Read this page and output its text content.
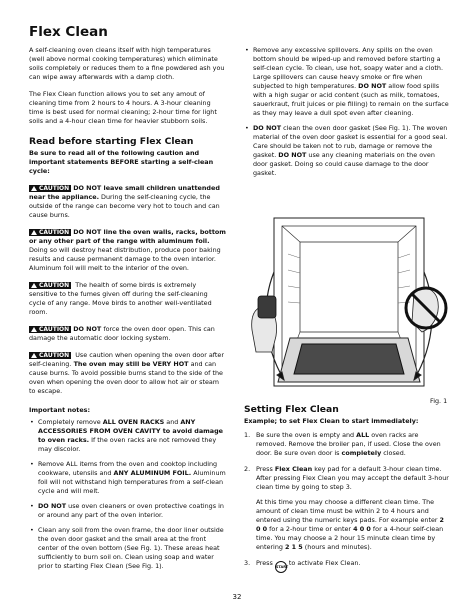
Flex Clean

A self-cleaning oven cleans itself with high temperatures (well above normal cooking temperatures) which eliminate soils completely or reduces them to a fine powdered ash you can wipe away afterwards with a damp cloth.

The Flex Clean function allows you to set any amout of cleaning time from 2 hours to 4 hours. A 3-hour cleaning time is best used for normal cleaning; 2-hour time for light soils and a 4-hour clean time for heavier stubborn soils.

Read before starting Flex Clean
Be sure to read all of the following caution and important statements BEFORE starting a self-clean cycle:

CAUTION DO NOT leave small children unattended near the appliance. During the self-cleaning cycle, the outside of the range can become very hot to touch and can cause burns.

CAUTION DO NOT line the oven walls, racks, bottom or any other part of the range with aluminum foil. Doing so will destroy heat distribution, produce poor baking results and cause permanent damage to the oven interior. Aluminum foil will melt to the interior of the oven.

CAUTION The health of some birds is extremely sensitive to the fumes given off during the self-cleaning cycle of any range. Move birds to another well-ventilated room.

CAUTION DO NOT force the oven door open. This can damage the automatic door locking system.

CAUTION Use caution when opening the oven door after self-cleaning. The oven may still be VERY HOT and can cause burns. To avoid possible burns stand to the side of the oven when opening the oven door to allow hot air or steam to escape.

Important notes:
• Completely remove ALL OVEN RACKS and ANY ACCESSORIES FROM OVEN CAVITY to avoid damage to oven racks. If the oven racks are not removed they may discolor.
• Remove ALL items from the oven and cooktop including cookware, utensils and ANY ALUMINUM FOIL. Aluminum foil will not withstand high temperatures from a self-clean cycle and will melt.
• DO NOT use oven cleaners or oven protective coatings in or around any part of the oven interior.
• Clean any soil from the oven frame, the door liner outside the oven door gasket and the small area at the front center of the oven bottom (See Fig. 1). These areas heat sufficiently to burn soil on. Clean using soap and water prior to starting Flex Clean (See Fig. 1).
• Remove any excessive spillovers. Any spills on the oven bottom should be wiped-up and removed before starting a self-clean cycle. To clean, use hot, soapy water and a cloth. Large spillovers can cause heavy smoke or fire when subjected to high temperatures. DO NOT allow food spills with a high sugar or acid content (such as milk, tomatoes, sauerkraut, fruit juices or pie filling) to remain on the surface as they may leave a dull spot even after cleaning.
• DO NOT clean the oven door gasket (See Fig. 1). The woven material of the oven door gasket is essential for a good seal. Care should be taken not to rub, damage or remove the gasket. DO NOT use any cleaning materials on the oven door gasket. Doing so could cause damage to the door gasket.
Fig. 1
Setting Flex Clean
Example; to set Flex Clean to start immediately:
1. Be sure the oven is empty and ALL oven racks are removed. Remove the broiler pan, if used. Close the oven door. Be sure oven door is completely closed.
2. Press Flex Clean key pad for a default 3-hour clean time. After pressing Flex Clean you may accept the default 3-hour clean time by going to step 3.
At this time you may choose a different clean time. The amount of clean time must be within 2 to 4 hours and entered using the numeric keys pads. For example enter 2 0 0 for a 2-hour time or enter 4 0 0 for a 4-hour self-clean time. You may choose a 2 hour 15 minute clean time by entering 2 1 5 (hours and minutes).
3. Press START to activate Flex Clean.
32
